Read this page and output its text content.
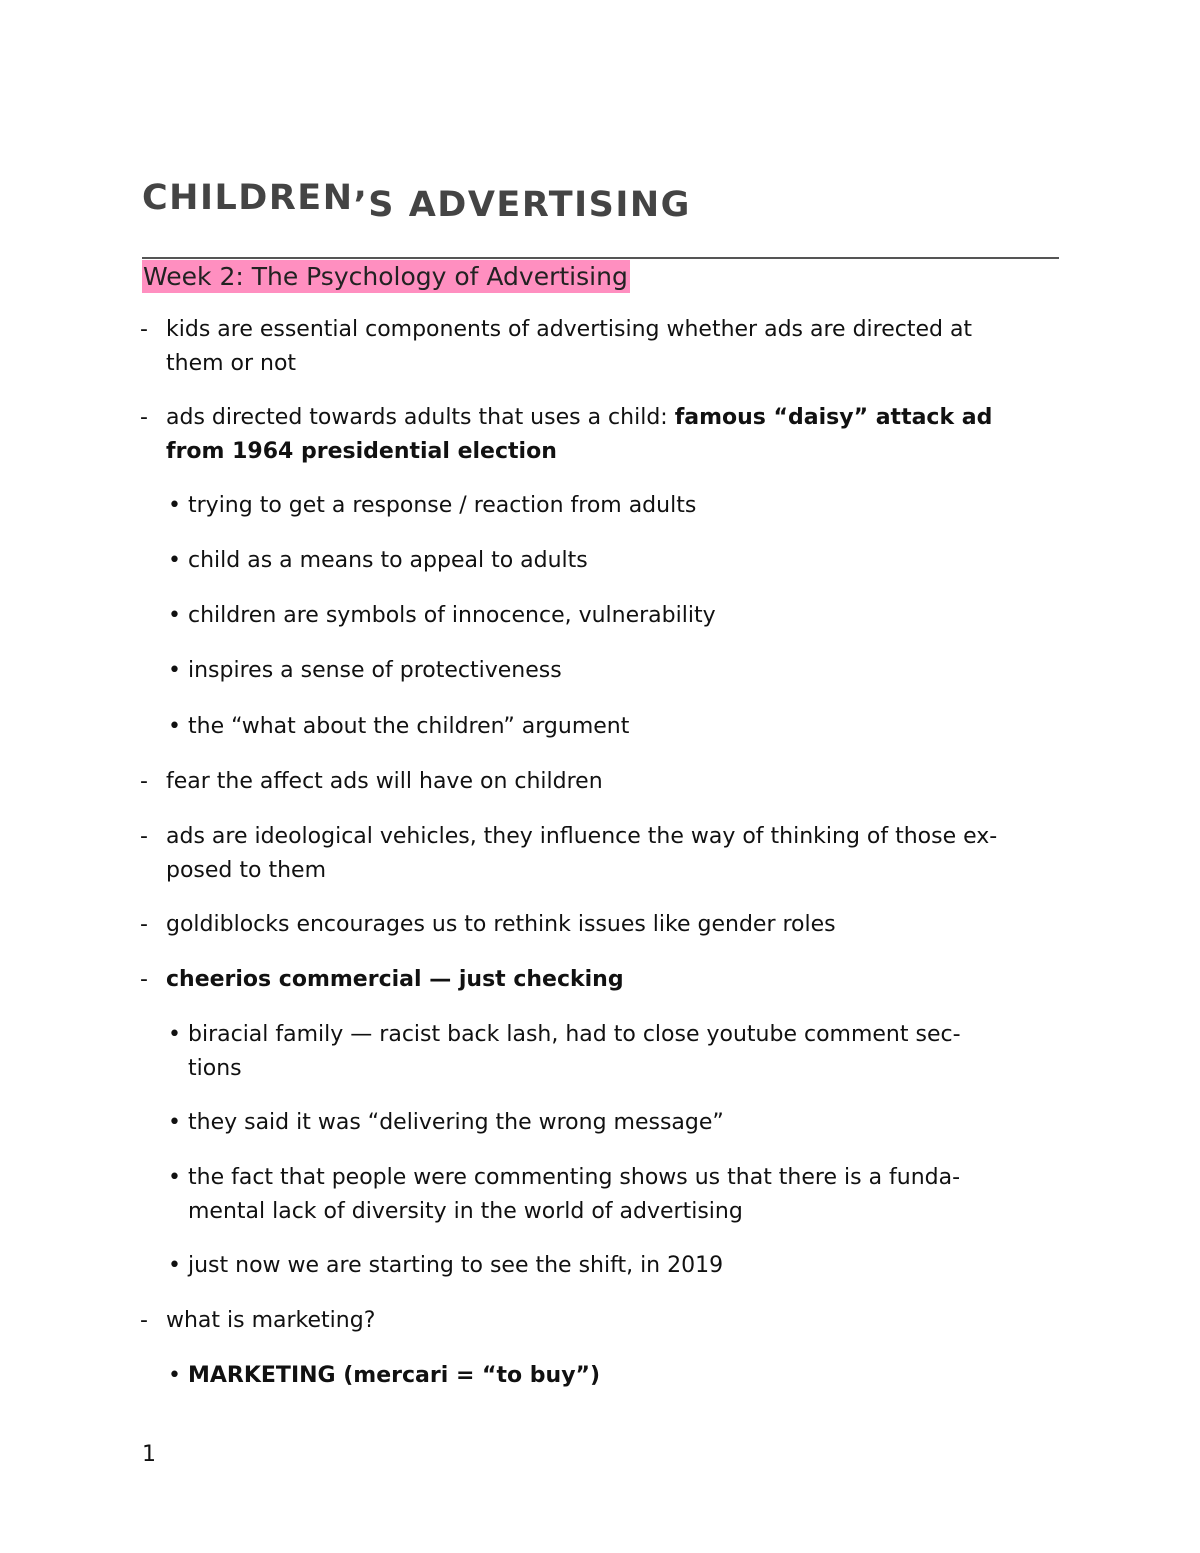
CHILDREN’S ADVERTISING
Week 2: The Psychology of Advertising
- kids are essential components of advertising whether ads are directed at
them or not
- ads directed towards adults that uses a child: famous “daisy” attack ad
from 1964 presidential election
• trying to get a response / reaction from adults
• child as a means to appeal to adults
• children are symbols of innocence, vulnerability
• inspires a sense of protectiveness
• the “what about the children” argument
- fear the affect ads will have on children
- ads are ideological vehicles, they influence the way of thinking of those ex-
posed to them
- goldiblocks encourages us to rethink issues like gender roles
- cheerios commercial — just checking
• biracial family — racist back lash, had to close youtube comment sec-
tions
• they said it was “delivering the wrong message”
• the fact that people were commenting shows us that there is a funda-
mental lack of diversity in the world of advertising
• just now we are starting to see the shift, in 2019
- what is marketing?
• MARKETING (mercari = “to buy”)
1
